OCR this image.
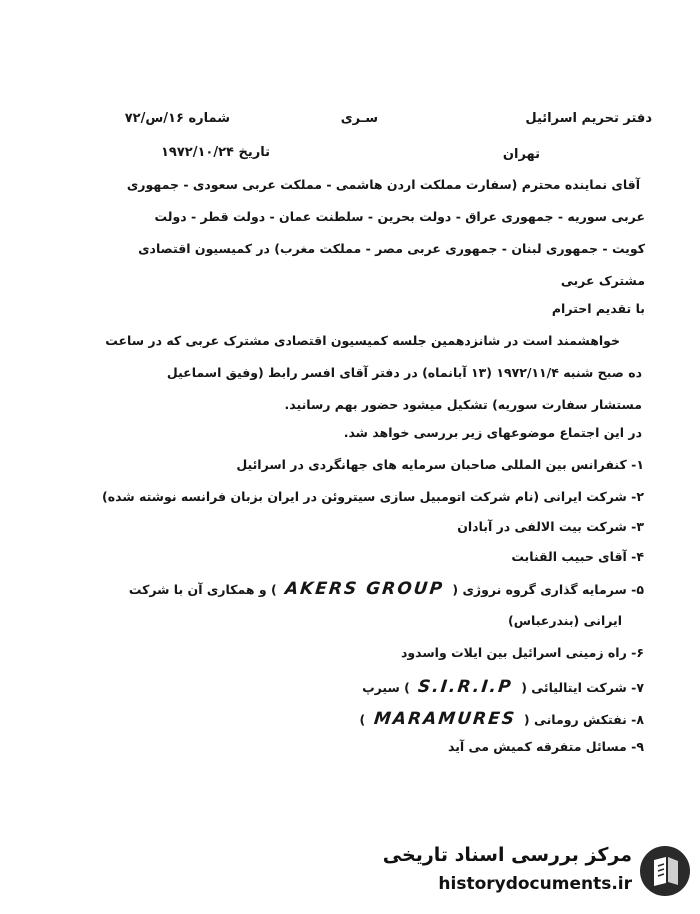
دفتر تحریم اسرائیل
سـری
شماره ۱۶/س/۷۲
تهران
تاریخ ۱۹۷۲/۱۰/۲۴
آقای نماینده محترم (سفارت مملکت اردن هاشمی - مملکت عربی سعودی - جمهوری
عربی سوریه - جمهوری عراق - دولت بحرین - سلطنت عمان - دولت قطر - دولت
کویت - جمهوری لبنان - جمهوری عربی مصر - مملکت مغرب) در کمیسیون اقتصادی
مشترک عربی
با تقدیم احترام
خواهشمند است در شانزدهمین جلسه کمیسیون اقتصادی مشترک عربی که در ساعت
ده صبح شنبه ۱۹۷۲/۱۱/۴ (۱۳ آبانماه) در دفتر آقای افسر رابط (وفیق اسماعیل
مستشار سفارت سوریه) تشکیل میشود حضور بهم رسانید.
در این اجتماع موضوعهای زیر بررسی خواهد شد.
۱- کنفرانس بین المللی صاحبان سرمایه های جهانگردی در اسرائیل
۲- شرکت ایرانی (نام شرکت اتومبیل سازی سیتروئن در ایران بزبان فرانسه نوشته شده)
۳- شرکت بیت الالفی در آبادان
۴- آقای حبیب القنابت
۵- سرمایه گذاری گروه نروژی ( AKERS GROUP ) و همکاری آن با شرکت
ایرانی (بندرعباس)
۶- راه زمینی اسرائیل بین ایلات واسدود
۷- شرکت ایتالیائی ( S.I.R.I.P ) سیرپ
۸- نفتکش رومانی ( MARAMURES )
۹- مسائل متفرقه کمیش می آید
مرکز بررسی اسناد تاریخی
historydocuments.ir
